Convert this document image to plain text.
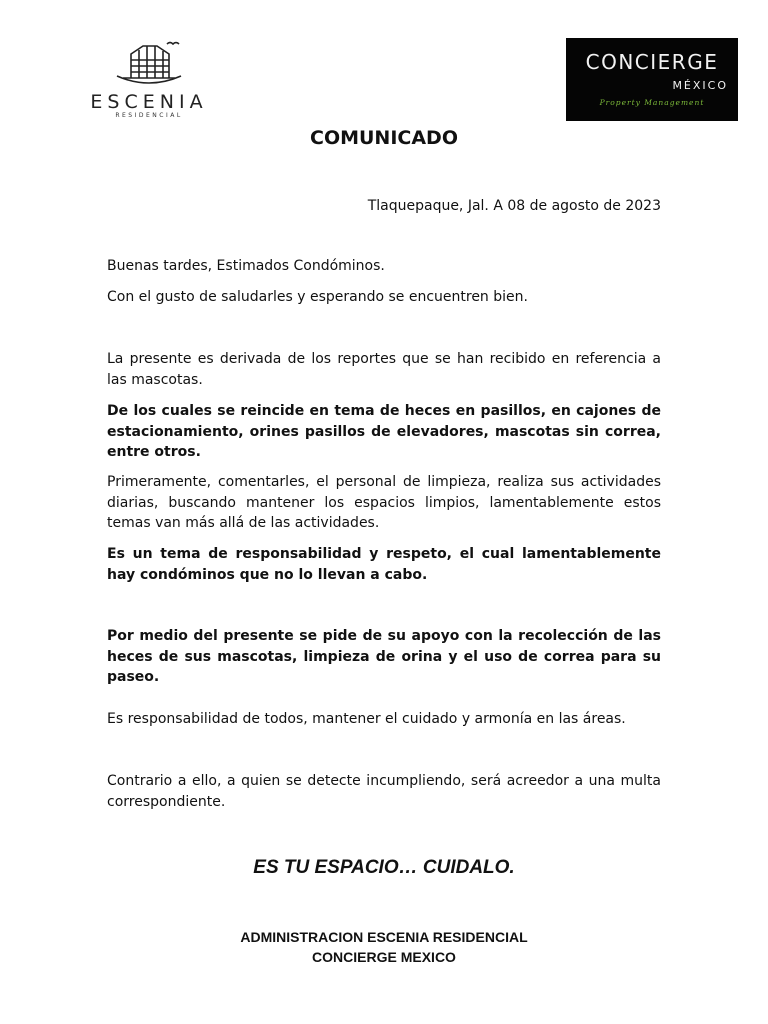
ESCENIA
RESIDENCIAL
CONCIERGE
MÉXICO
Property Management
COMUNICADO
Tlaquepaque, Jal. A 08 de agosto de 2023

Buenas tardes, Estimados Condóminos.

Con el gusto de saludarles y esperando se encuentren bien.

La presente es derivada de los reportes que se han recibido en referencia a las mascotas.

De los cuales se reincide en tema de heces en pasillos, en cajones de estacionamiento, orines pasillos de elevadores, mascotas sin correa, entre otros.

Primeramente, comentarles, el personal de limpieza, realiza sus actividades diarias, buscando mantener los espacios limpios, lamentablemente estos temas van más allá de las actividades.

Es un tema de responsabilidad y respeto, el cual lamentablemente hay condóminos que no lo llevan a cabo.

Por medio del presente se pide de su apoyo con la recolección de las heces de sus mascotas, limpieza de orina y el uso de correa para su paseo.

Es responsabilidad de todos, mantener el cuidado y armonía en las áreas.

Contrario a ello, a quien se detecte incumpliendo, será acreedor a una multa correspondiente.

ES TU ESPACIO… CUIDALO.
ADMINISTRACION ESCENIA RESIDENCIAL
CONCIERGE MEXICO
